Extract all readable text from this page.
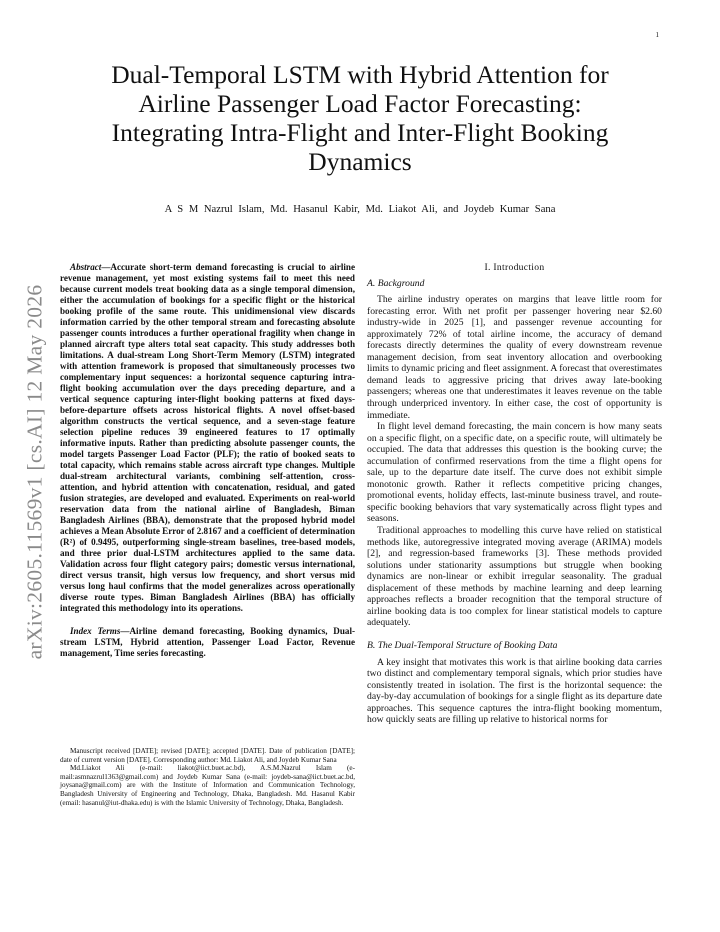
1
arXiv:2605.11569v1 [cs.AI] 12 May 2026
Dual-Temporal LSTM with Hybrid Attention for
Airline Passenger Load Factor Forecasting:
Integrating Intra-Flight and Inter-Flight Booking
Dynamics
A S M Nazrul Islam, Md. Hasanul Kabir, Md. Liakot Ali, and Joydeb Kumar Sana

Abstract—Accurate short-term demand forecasting is crucial to airline revenue management, yet most existing systems fail to meet this need because current models treat booking data as a single temporal dimension, either the accumulation of bookings for a specific flight or the historical booking profile of the same route. This unidimensional view discards information carried by the other temporal stream and forecasting absolute passenger counts introduces a further operational fragility when change in planned aircraft type alters total seat capacity. This study addresses both limitations. A dual-stream Long Short-Term Memory (LSTM) integrated with attention framework is proposed that simultaneously processes two complementary input sequences: a horizontal sequence capturing intra-flight booking accumulation over the days preceding departure, and a vertical sequence capturing inter-flight booking patterns at fixed days-before-departure offsets across historical flights. A novel offset-based algorithm constructs the vertical sequence, and a seven-stage feature selection pipeline reduces 39 engineered features to 17 optimally informative inputs. Rather than predicting absolute passenger counts, the model targets Passenger Load Factor (PLF); the ratio of booked seats to total capacity, which remains stable across aircraft type changes. Multiple dual-stream architectural variants, combining self-attention, cross-attention, and hybrid attention with concatenation, residual, and gated fusion strategies, are developed and evaluated. Experiments on real-world reservation data from the national airline of Bangladesh, Biman Bangladesh Airlines (BBA), demonstrate that the proposed hybrid model achieves a Mean Absolute Error of 2.8167 and a coefficient of determination (R²) of 0.9495, outperforming single-stream baselines, tree-based models, and three prior dual-LSTM architectures applied to the same data. Validation across four flight category pairs; domestic versus international, direct versus transit, high versus low frequency, and short versus mid versus long haul confirms that the model generalizes across operationally diverse route types. Biman Bangladesh Airlines (BBA) has officially integrated this methodology into its operations.

Index Terms—Airline demand forecasting, Booking dynamics, Dual-stream LSTM, Hybrid attention, Passenger Load Factor, Revenue management, Time series forecasting.

Manuscript received [DATE]; revised [DATE]; accepted [DATE]. Date of publication [DATE]; date of current version [DATE]. Corresponding author: Md. Liakot Ali, and Joydeb Kumar Sana

Md.Liakot Ali (e-mail: liakot@iict.buet.ac.bd), A.S.M.Nazrul Islam (e-mail:asmnazrul1363@gmail.com) and Joydeb Kumar Sana (e-mail: joydeb-sana@iict.buet.ac.bd, joysana@gmail.com) are with the Institute of Information and Communication Technology, Bangladesh University of Engineering and Technology, Dhaka, Bangladesh. Md. Hasanul Kabir (email: hasanul@iut-dhaka.edu) is with the Islamic University of Technology, Dhaka, Bangladesh.

I. Introduction
A. Background

The airline industry operates on margins that leave little room for forecasting error. With net profit per passenger hovering near $2.60 industry-wide in 2025 [1], and passenger revenue accounting for approximately 72% of total airline income, the accuracy of demand forecasts directly determines the quality of every downstream revenue management decision, from seat inventory allocation and overbooking limits to dynamic pricing and fleet assignment. A forecast that overestimates demand leads to aggressive pricing that drives away late-booking passengers; whereas one that underestimates it leaves revenue on the table through underpriced inventory. In either case, the cost of opportunity is immediate.

In flight level demand forecasting, the main concern is how many seats on a specific flight, on a specific date, on a specific route, will ultimately be occupied. The data that addresses this question is the booking curve; the accumulation of confirmed reservations from the time a flight opens for sale, up to the departure date itself. The curve does not exhibit simple monotonic growth. Rather it reflects competitive pricing changes, promotional events, holiday effects, last-minute business travel, and route-specific booking behaviors that vary systematically across flight types and seasons.

Traditional approaches to modelling this curve have relied on statistical methods like, autoregressive integrated moving average (ARIMA) models [2], and regression-based frameworks [3]. These methods provided solutions under stationarity assumptions but struggle when booking dynamics are non-linear or exhibit irregular seasonality. The gradual displacement of these methods by machine learning and deep learning approaches reflects a broader recognition that the temporal structure of airline booking data is too complex for linear statistical models to capture adequately.

B. The Dual-Temporal Structure of Booking Data

A key insight that motivates this work is that airline booking data carries two distinct and complementary temporal signals, which prior studies have consistently treated in isolation. The first is the horizontal sequence: the day-by-day accumulation of bookings for a single flight as its departure date approaches. This sequence captures the intra-flight booking momentum, how quickly seats are filling up relative to historical norms for
